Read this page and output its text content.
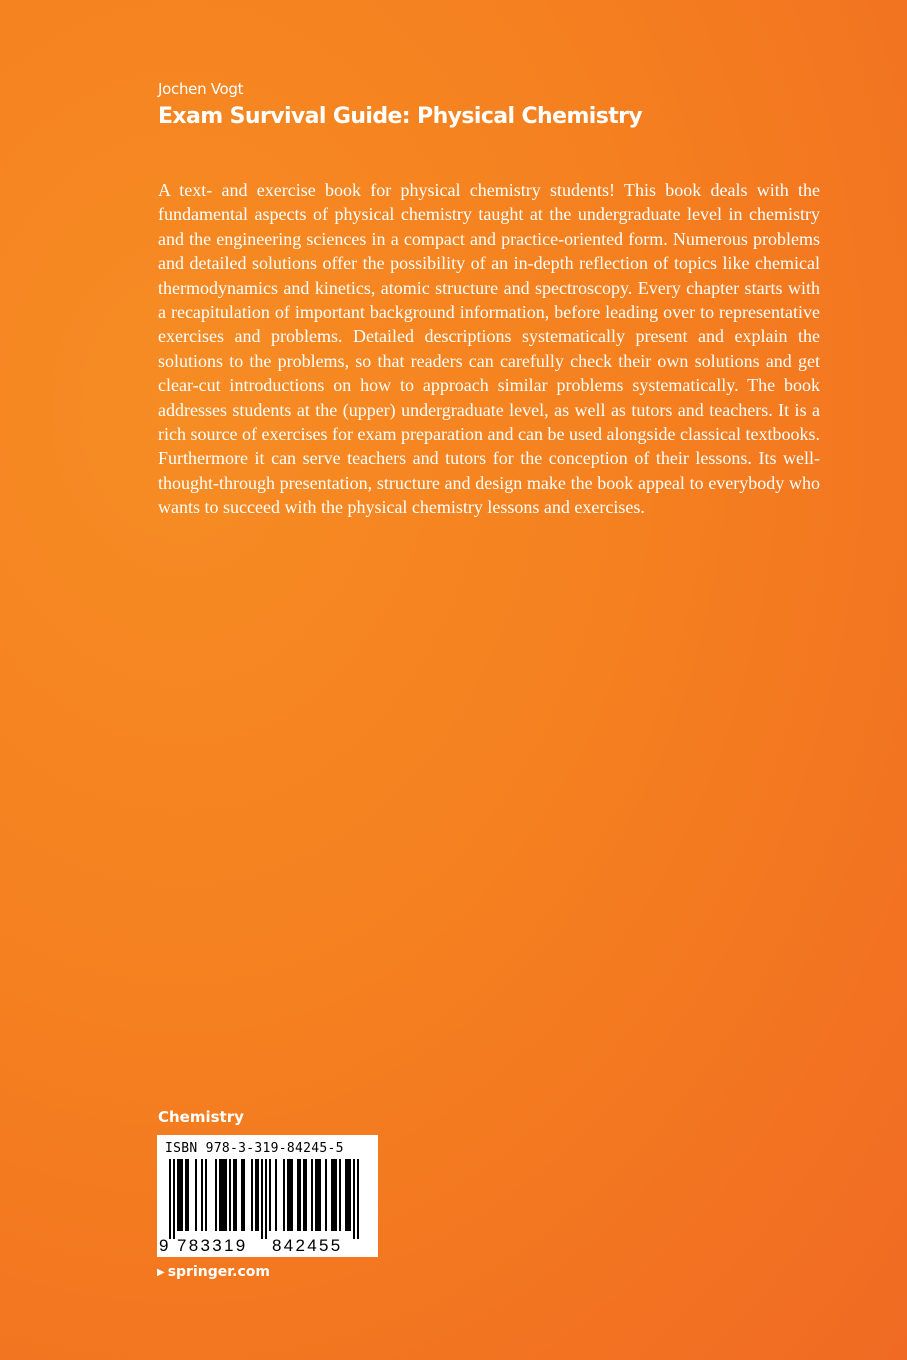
Jochen Vogt
Exam Survival Guide: Physical Chemistry

A text- and exercise book for physical chemistry students! This book deals with the fundamental aspects of physical chemistry taught at the undergraduate level in chemistry and the engineering sciences in a compact and practice-oriented form. Numerous problems and detailed solutions offer the possibility of an in-depth reflection of topics like chemical thermodynamics and kinetics, atomic structure and spectroscopy. Every chapter starts with a recapitulation of important background information, before leading over to representative exercises and problems. Detailed descriptions systematically present and explain the solutions to the problems, so that readers can carefully check their own solutions and get clear-cut introductions on how to approach similar problems systematically. The book addresses students at the (upper) undergraduate level, as well as tutors and teachers. It is a rich source of exercises for exam preparation and can be used alongside classical textbooks. Furthermore it can serve teachers and tutors for the conception of their lessons. Its well-thought-through presentation, structure and design make the book appeal to everybody who wants to succeed with the physical chemistry lessons and exercises.

Chemistry
ISBN 978-3-319-84245-5
9 783319 842455
▶ springer.com
